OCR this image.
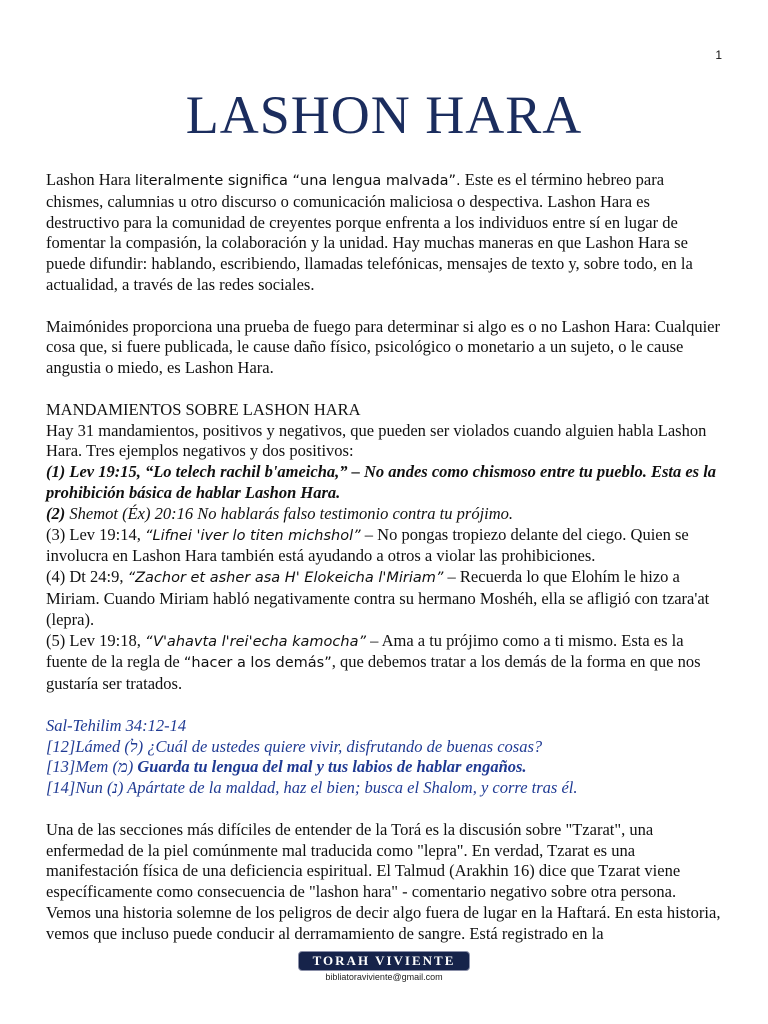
1
LASHON HARA

Lashon Hara literalmente significa “una lengua malvada”. Este es el término hebreo para chismes, calumnias u otro discurso o comunicación maliciosa o despectiva. Lashon Hara es destructivo para la comunidad de creyentes porque enfrenta a los individuos entre sí en lugar de fomentar la compasión, la colaboración y la unidad. Hay muchas maneras en que Lashon Hara se puede difundir: hablando, escribiendo, llamadas telefónicas, mensajes de texto y, sobre todo, en la actualidad, a través de las redes sociales.

Maimónides proporciona una prueba de fuego para determinar si algo es o no Lashon Hara: Cualquier cosa que, si fuere publicada, le cause daño físico, psicológico o monetario a un sujeto, o le cause angustia o miedo, es Lashon Hara.

MANDAMIENTOS SOBRE LASHON HARA

Hay 31 mandamientos, positivos y negativos, que pueden ser violados cuando alguien habla Lashon Hara. Tres ejemplos negativos y dos positivos:

(1) Lev 19:15, “Lo telech rachil b'ameicha,” – No andes como chismoso entre tu pueblo. Esta es la prohibición básica de hablar Lashon Hara.

(2) Shemot (Éx) 20:16 No hablarás falso testimonio contra tu prójimo.

(3) Lev 19:14, “Lifnei 'iver lo titen michshol” – No pongas tropiezo delante del ciego. Quien se involucra en Lashon Hara también está ayudando a otros a violar las prohibiciones.

(4) Dt 24:9, “Zachor et asher asa H' Elokeicha l'Miriam” – Recuerda lo que Elohím le hizo a Miriam. Cuando Miriam habló negativamente contra su hermano Moshéh, ella se afligió con tzara'at (lepra).

(5) Lev 19:18, “V'ahavta l'rei'echa kamocha” – Ama a tu prójimo como a ti mismo. Esta es la fuente de la regla de “hacer a los demás”, que debemos tratar a los demás de la forma en que nos gustaría ser tratados.

Sal-Tehilim 34:12-14

[12]Lámed (ל) ¿Cuál de ustedes quiere vivir, disfrutando de buenas cosas?

[13]Mem (מ) Guarda tu lengua del mal y tus labios de hablar engaños.

[14]Nun (נ) Apártate de la maldad, haz el bien; busca el Shalom, y corre tras él.

Una de las secciones más difíciles de entender de la Torá es la discusión sobre "Tzarat", una enfermedad de la piel comúnmente mal traducida como "lepra". En verdad, Tzarat es una manifestación física de una deficiencia espiritual. El Talmud (Arakhin 16) dice que Tzarat viene específicamente como consecuencia de "lashon hara" - comentario negativo sobre otra persona. Vemos una historia solemne de los peligros de decir algo fuera de lugar en la Haftará. En esta historia, vemos que incluso puede conducir al derramamiento de sangre. Está registrado en la

TORAH VIVIENTE
bibliatoraviviente@gmail.com
